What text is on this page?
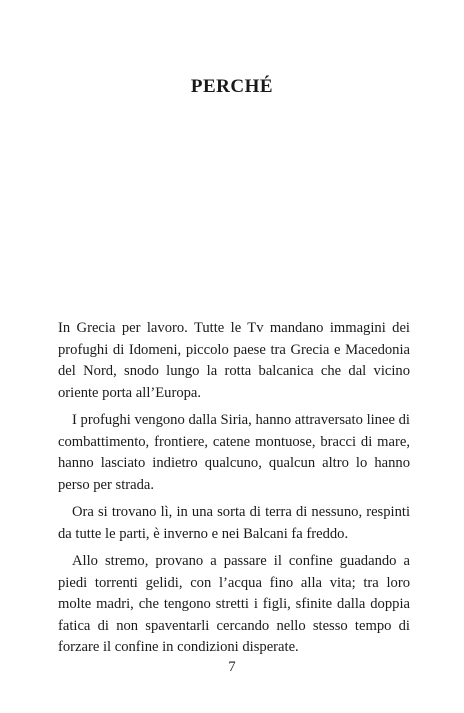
PERCHÉ

In Grecia per lavoro. Tutte le Tv mandano immagini dei profughi di Idomeni, piccolo paese tra Grecia e Macedonia del Nord, snodo lungo la rotta balcanica che dal vicino oriente porta all’Europa.

I profughi vengono dalla Siria, hanno attraversato linee di combattimento, frontiere, catene montuose, bracci di mare, hanno lasciato indietro qualcuno, qualcun altro lo hanno perso per strada.

Ora si trovano lì, in una sorta di terra di nessuno, respinti da tutte le parti, è inverno e nei Balcani fa freddo.

Allo stremo, provano a passare il confine guadando a piedi torrenti gelidi, con l’acqua fino alla vita; tra loro molte madri, che tengono stretti i figli, sfinite dalla doppia fatica di non spaventarli cercando nello stesso tempo di forzare il confine in condizioni disperate.

7
